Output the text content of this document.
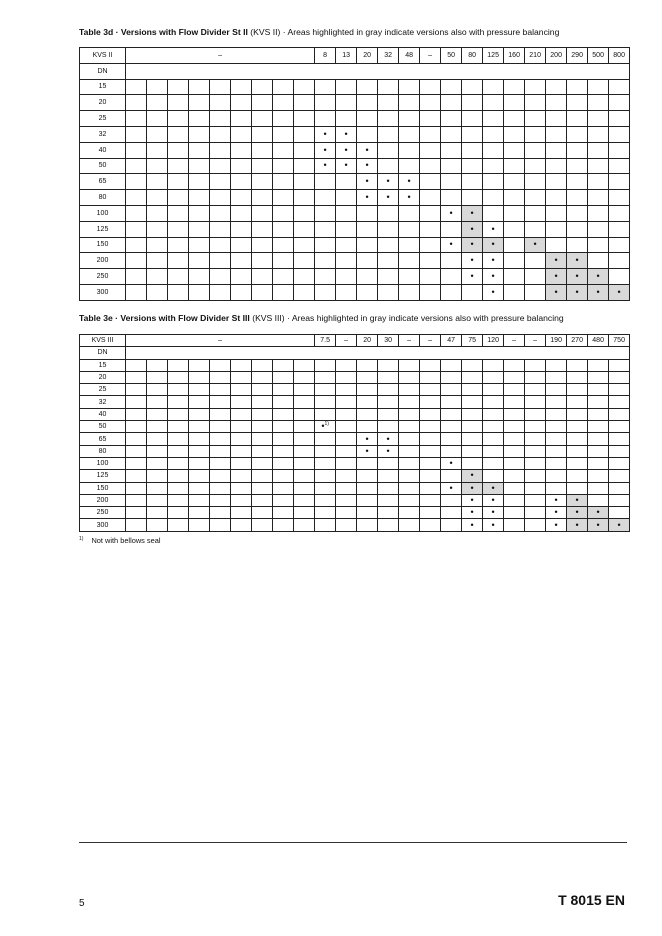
Table 3d · Versions with Flow Divider St II (KVS II) · Areas highlighted in gray indicate versions also with pressure balancing
KVS II	–									8	13	20	32	48	–	50	80	125	160	210	200	290	500	800	
DN																									
15																									
20																									
25																									
32										•	•														
40										•	•	•													
50										•	•	•													
65												•	•	•											
80												•	•	•											
100																•	•								
125																	•	•							
150																•	•	•		•					
200																	•	•			•	•			
250																	•	•			•	•	•		
300																		•			•	•	•	•	
Table 3e · Versions with Flow Divider St III (KVS III) · Areas highlighted in gray indicate versions also with pressure balancing
KVS III	–									7.5	–	20	30	–	–	47	75	120	–	–	190	270	480	750	
DN																									
15																									
20																									
25																									
32																									
40																									
50										•$^{1)}$														
65												•	•												
80												•	•												
100																•									
125																	•								
150																•	•	•							
200																	•	•			•	•			
250																	•	•			•	•	•		
300																	•	•			•	•	•	•	
$^{1)}$ Not with bellows seal
5	T 8015 EN
